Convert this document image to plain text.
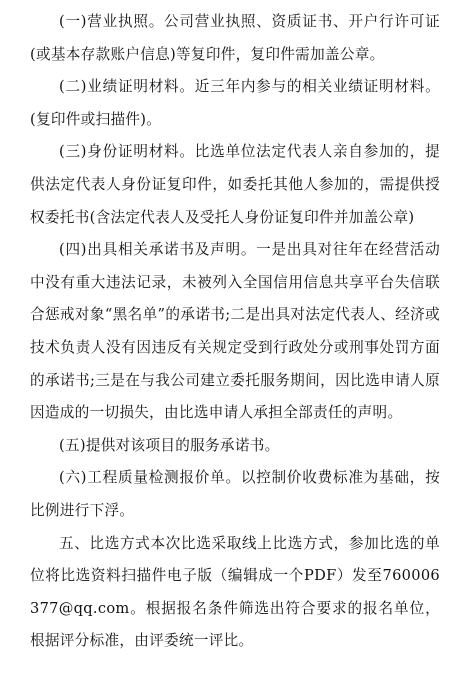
(一)营业执照。公司营业执照、资质证书、开户行许可证(或基本存款账户信息)等复印件，复印件需加盖公章。

(二)业绩证明材料。近三年内参与的相关业绩证明材料。(复印件或扫描件)。

(三)身份证明材料。比选单位法定代表人亲自参加的，提供法定代表人身份证复印件，如委托其他人参加的，需提供授权委托书(含法定代表人及受托人身份证复印件并加盖公章)

(四)出具相关承诺书及声明。一是出具对往年在经营活动中没有重大违法记录，未被列入全国信用信息共享平台失信联合惩戒对象“黑名单”的承诺书;二是出具对法定代表人、经济或技术负责人没有因违反有关规定受到行政处分或刑事处罚方面的承诺书;三是在与我公司建立委托服务期间，因比选申请人原因造成的一切损失，由比选申请人承担全部责任的声明。

(五)提供对该项目的服务承诺书。

(六)工程质量检测报价单。以控制价收费标准为基础，按比例进行下浮。

五、比选方式本次比选采取线上比选方式，参加比选的单位将比选资料扫描件电子版（编辑成一个PDF）发至760006377@qq.com。根据报名条件筛选出符合要求的报名单位，根据评分标准，由评委统一评比。
